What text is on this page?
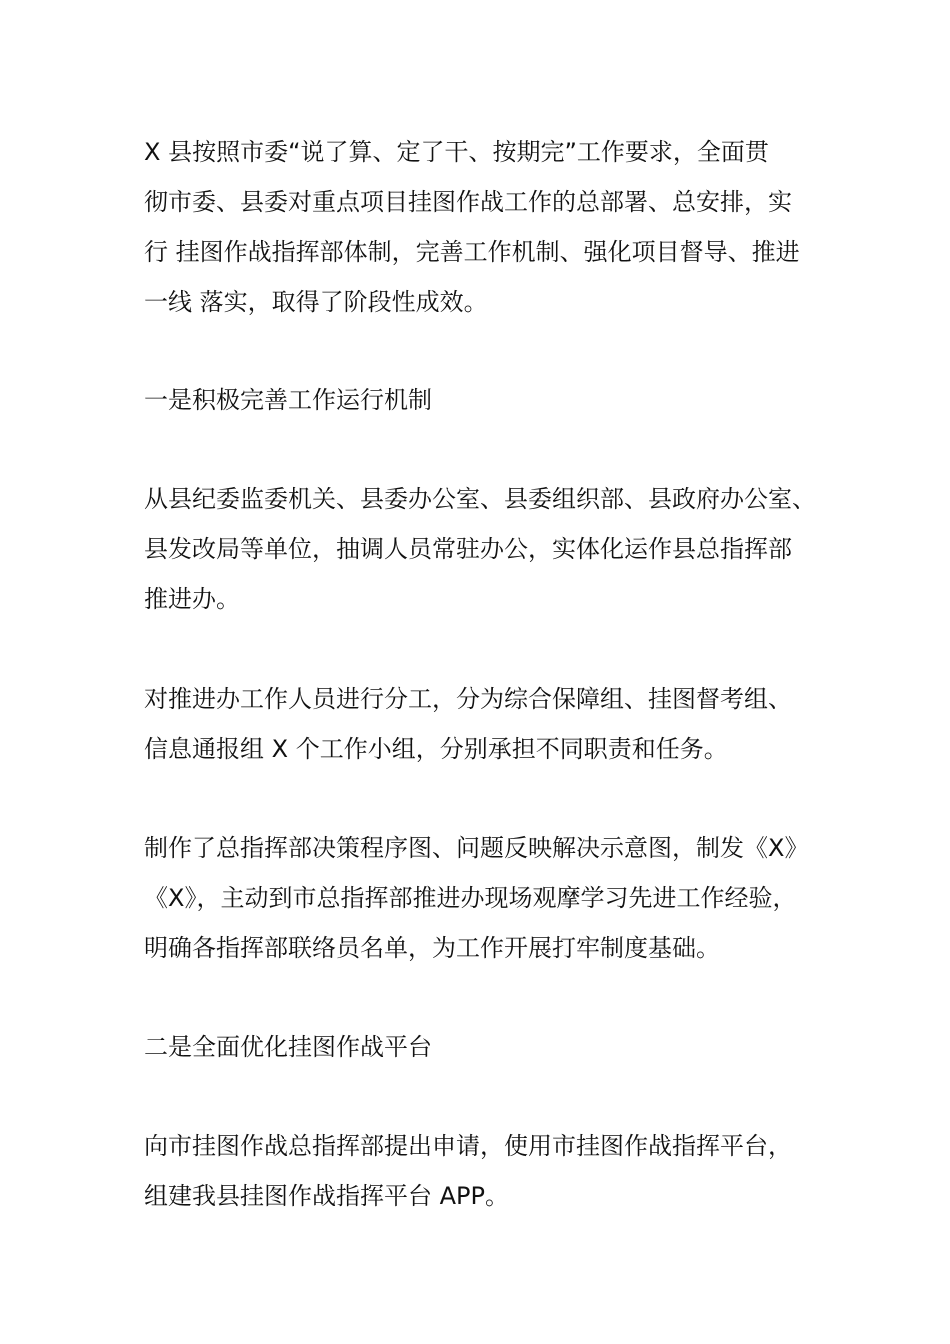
X 县按照市委“说了算、定了干、按期完”工作要求，全面贯
彻市委、县委对重点项目挂图作战工作的总部署、总安排，实
行 挂图作战指挥部体制，完善工作机制、强化项目督导、推进
一线 落实，取得了阶段性成效。
一是积极完善工作运行机制
从县纪委监委机关、县委办公室、县委组织部、县政府办公室、
县发改局等单位，抽调人员常驻办公，实体化运作县总指挥部
推进办。
对推进办工作人员进行分工，分为综合保障组、挂图督考组、
信息通报组 X 个工作小组，分别承担不同职责和任务。
制作了总指挥部决策程序图、问题反映解决示意图，制发《X》
《X》，主动到市总指挥部推进办现场观摩学习先进工作经验，
明确各指挥部联络员名单，为工作开展打牢制度基础。
二是全面优化挂图作战平台
向市挂图作战总指挥部提出申请，使用市挂图作战指挥平台，
组建我县挂图作战指挥平台 APP。
